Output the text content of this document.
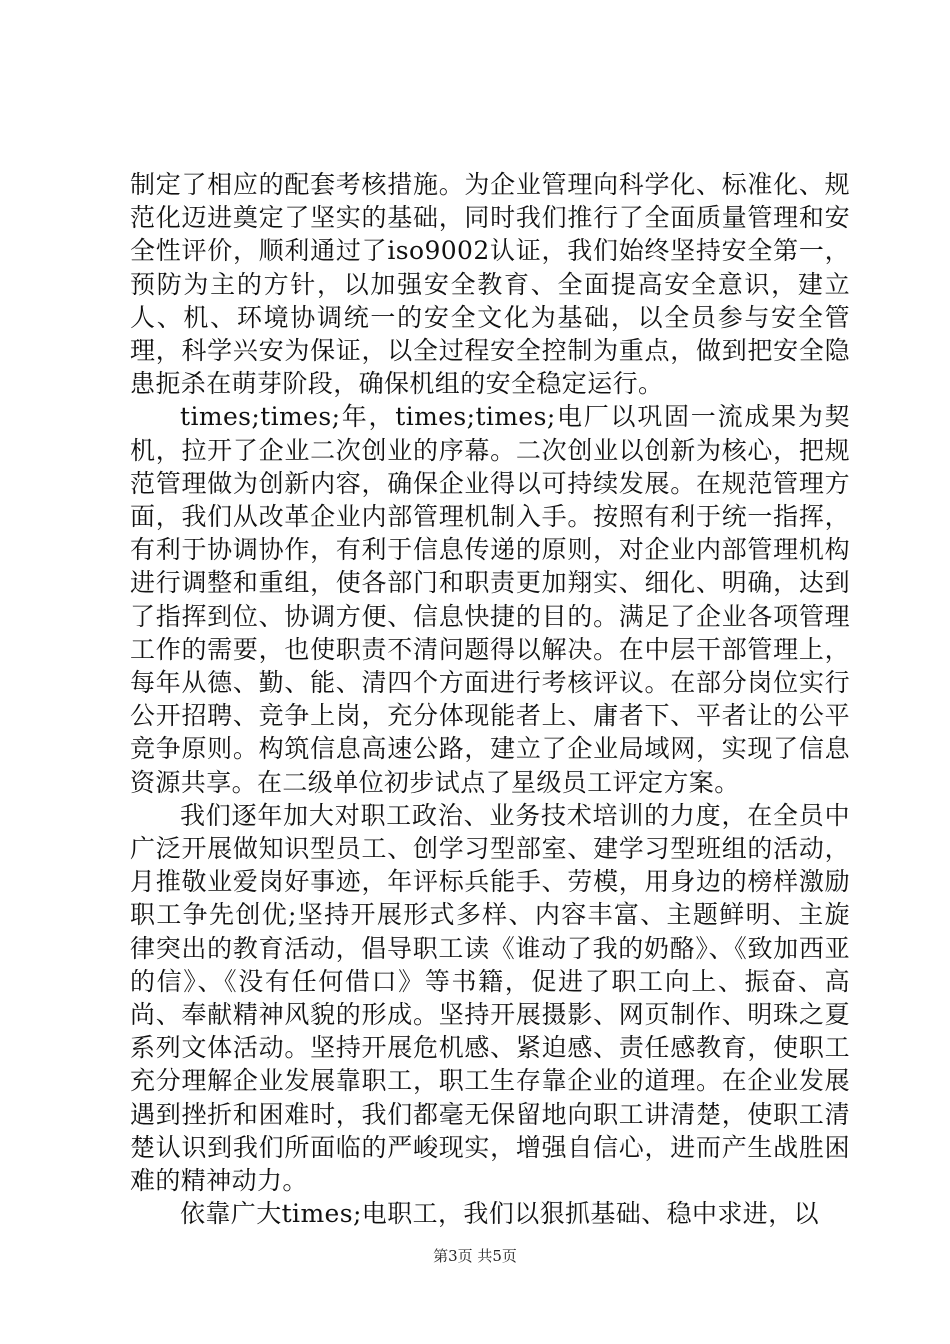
制定了相应的配套考核措施。为企业管理向科学化、标准化、规范化迈进奠定了坚实的基础，同时我们推行了全面质量管理和安全性评价，顺利通过了iso9002认证，我们始终坚持安全第一，预防为主的方针，以加强安全教育、全面提高安全意识，建立人、机、环境协调统一的安全文化为基础，以全员参与安全管理，科学兴安为保证，以全过程安全控制为重点，做到把安全隐患扼杀在萌芽阶段，确保机组的安全稳定运行。

times;times;年，times;times;电厂以巩固一流成果为契机，拉开了企业二次创业的序幕。二次创业以创新为核心，把规范管理做为创新内容，确保企业得以可持续发展。在规范管理方面，我们从改革企业内部管理机制入手。按照有利于统一指挥，有利于协调协作，有利于信息传递的原则，对企业内部管理机构进行调整和重组，使各部门和职责更加翔实、细化、明确，达到了指挥到位、协调方便、信息快捷的目的。满足了企业各项管理工作的需要，也使职责不清问题得以解决。在中层干部管理上，每年从德、勤、能、清四个方面进行考核评议。在部分岗位实行公开招聘、竞争上岗，充分体现能者上、庸者下、平者让的公平竞争原则。构筑信息高速公路，建立了企业局域网，实现了信息资源共享。在二级单位初步试点了星级员工评定方案。

我们逐年加大对职工政治、业务技术培训的力度，在全员中广泛开展做知识型员工、创学习型部室、建学习型班组的活动，月推敬业爱岗好事迹，年评标兵能手、劳模，用身边的榜样激励职工争先创优;坚持开展形式多样、内容丰富、主题鲜明、主旋律突出的教育活动，倡导职工读《谁动了我的奶酪》、《致加西亚的信》、《没有任何借口》等书籍，促进了职工向上、振奋、高尚、奉献精神风貌的形成。坚持开展摄影、网页制作、明珠之夏系列文体活动。坚持开展危机感、紧迫感、责任感教育，使职工充分理解企业发展靠职工，职工生存靠企业的道理。在企业发展遇到挫折和困难时，我们都毫无保留地向职工讲清楚，使职工清楚认识到我们所面临的严峻现实，增强自信心，进而产生战胜困难的精神动力。

依靠广大times;电职工，我们以狠抓基础、稳中求进，以

第3页 共5页
